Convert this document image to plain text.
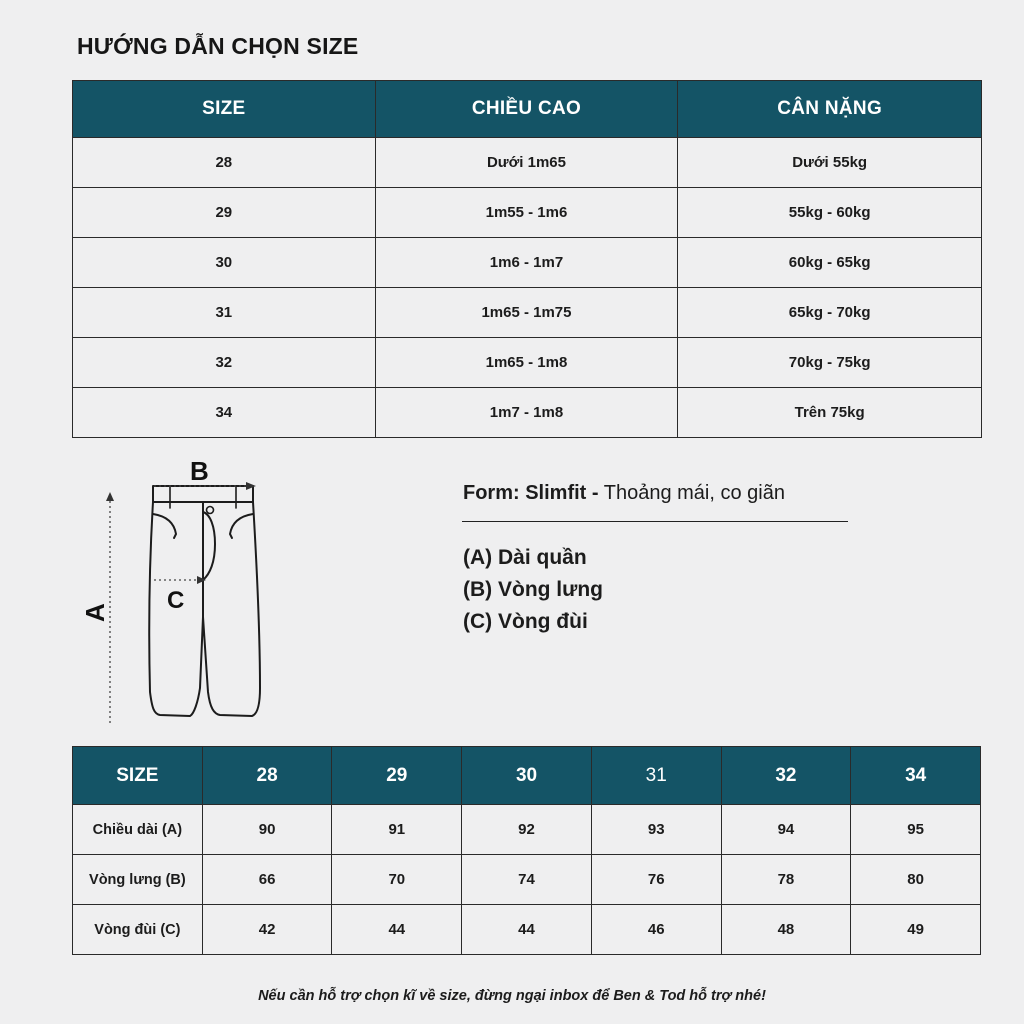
HƯỚNG DẪN CHỌN SIZE
SIZE	CHIỀU CAO	CÂN NẶNG
28	Dưới 1m65	Dưới 55kg
29	1m55 - 1m6	55kg - 60kg
30	1m6 - 1m7	60kg - 65kg
31	1m65 - 1m75	65kg - 70kg
32	1m65 - 1m8	70kg - 75kg
34	1m7 - 1m8	Trên 75kg
B
C
A
Form: Slimfit - Thoảng mái, co giãn
(A) Dài quần
(B) Vòng lưng
(C) Vòng đùi
SIZE	28	29	30	31	32	34
Chiều dài (A)	90	91	92	93	94	95
Vòng lưng (B)	66	70	74	76	78	80
Vòng đùi (C)	42	44	44	46	48	49
Nếu cần hỗ trợ chọn kĩ về size, đừng ngại inbox để Ben & Tod hỗ trợ nhé!
